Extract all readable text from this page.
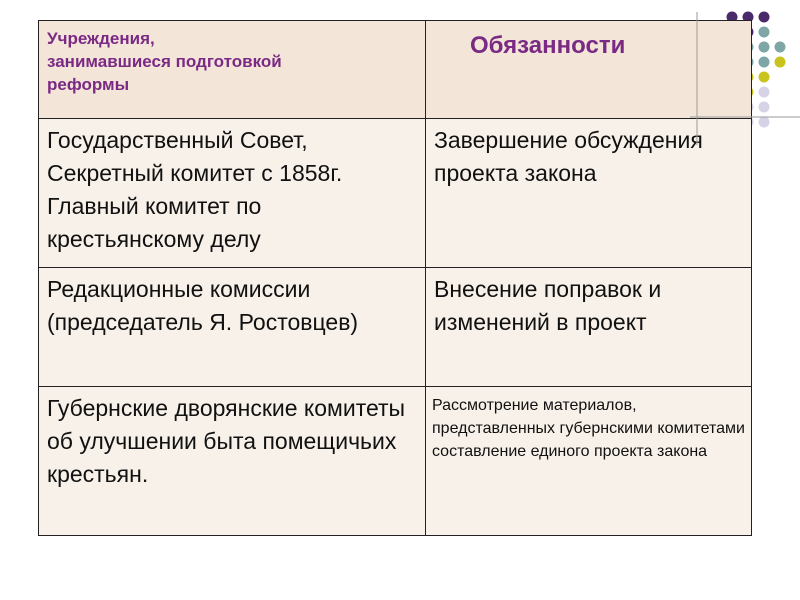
Учреждения,
занимавшиеся подготовкой
реформы	Обязанности

Государственный Совет, Секретный комитет с 1858г. Главный комитет по крестьянскому делу	Завершение обсуждения проекта закона

Редакционные комиссии (председатель Я. Ростовцев)	Внесение поправок и изменений в проект

Губернские дворянские комитеты об улучшении быта помещичьих крестьян.	Рассмотрение материалов, представленных губернскими комитетами составление единого проекта закона
